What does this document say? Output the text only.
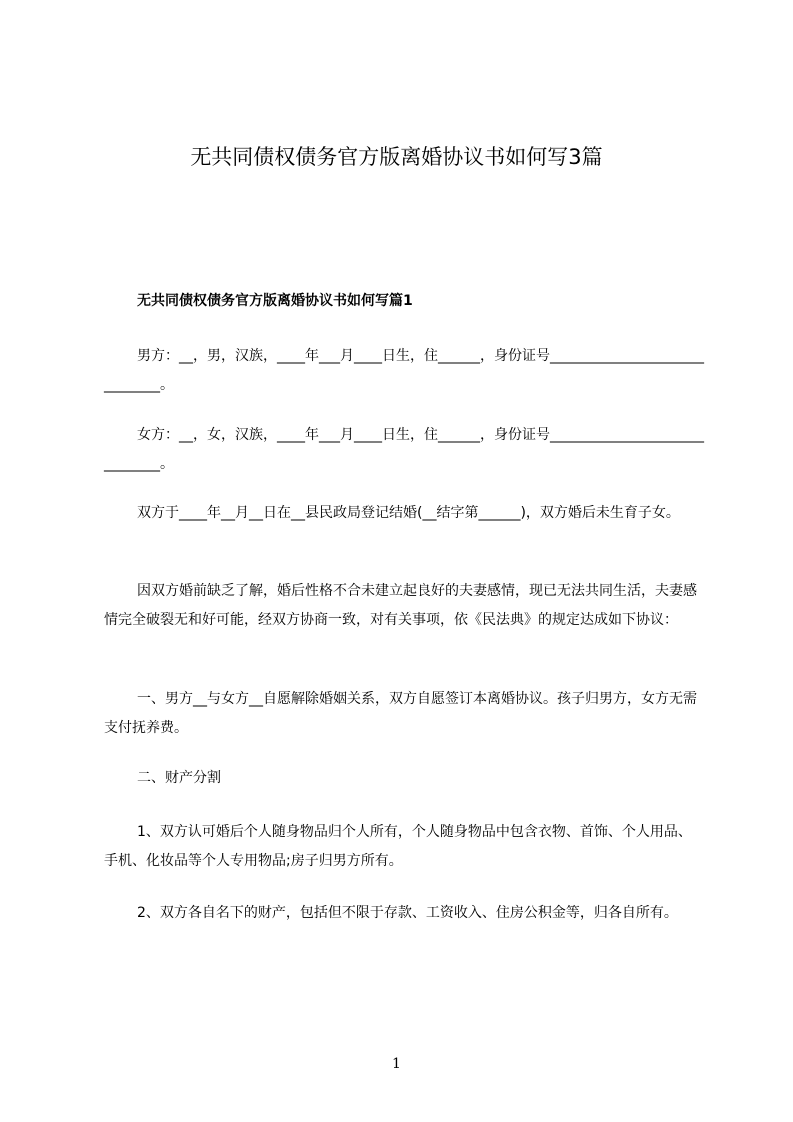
无共同债权债务官方版离婚协议书如何写3篇
无共同债权债务官方版离婚协议书如何写篇1

男方：__，男，汉族，____年___月____日生，住______，身份证号______________________________。

女方：__，女，汉族，____年___月____日生，住______，身份证号______________________________。

双方于____年__月__日在__县民政局登记结婚(__结字第______)，双方婚后未生育子女。

因双方婚前缺乏了解，婚后性格不合未建立起良好的夫妻感情，现已无法共同生活，夫妻感情完全破裂无和好可能，经双方协商一致，对有关事项，依《民法典》的规定达成如下协议：

一、男方__与女方__自愿解除婚姻关系，双方自愿签订本离婚协议。孩子归男方，女方无需支付抚养费。

二、财产分割

1、双方认可婚后个人随身物品归个人所有，个人随身物品中包含衣物、首饰、个人用品、手机、化妆品等个人专用物品;房子归男方所有。

2、双方各自名下的财产，包括但不限于存款、工资收入、住房公积金等，归各自所有。

1
